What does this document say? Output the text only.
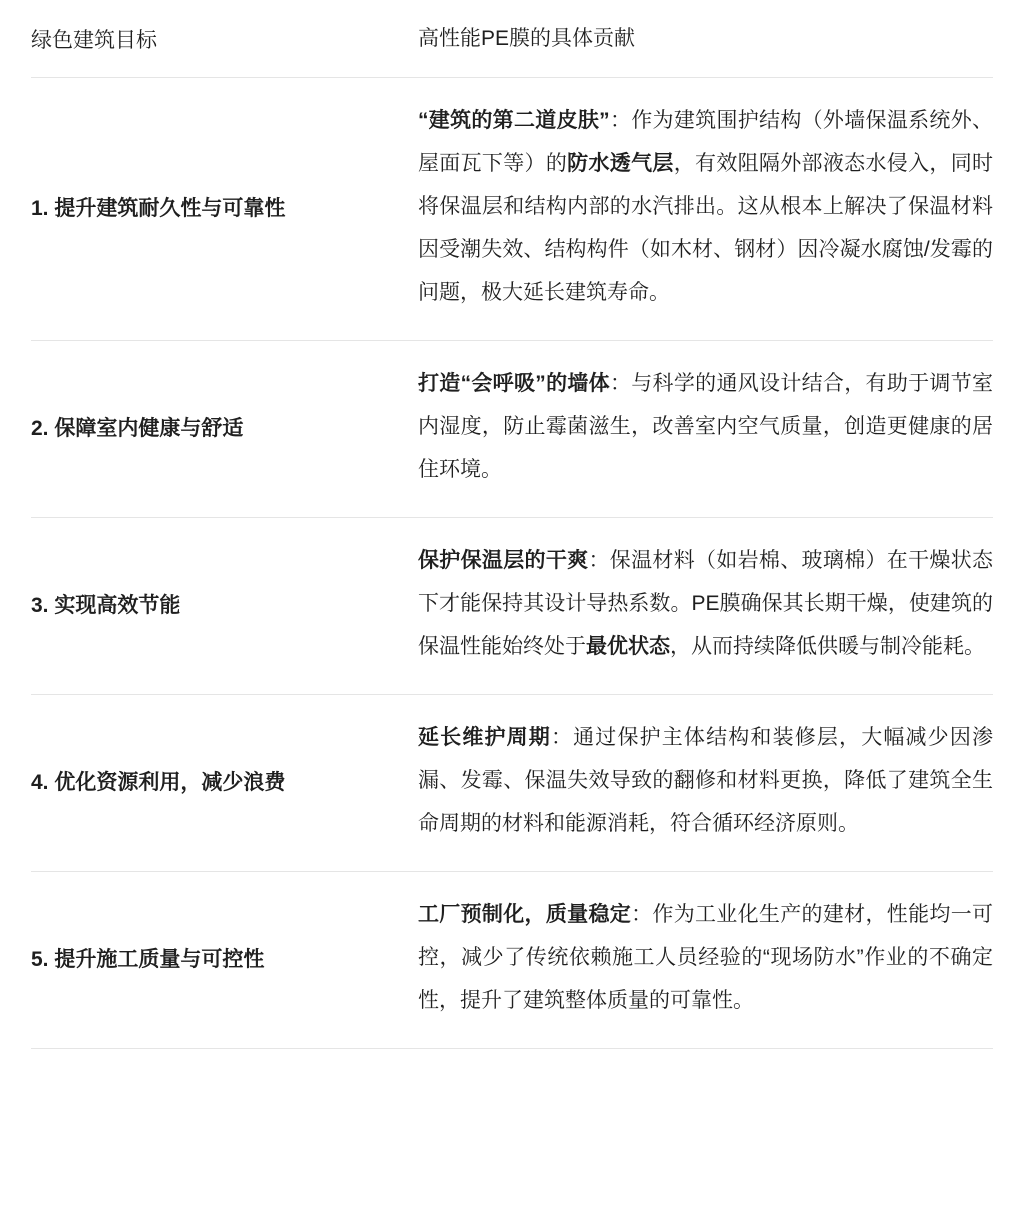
绿色建筑目标	高性能PE膜的具体贡献
1. 提升建筑耐久性与可靠性
“建筑的第二道皮肤”：作为建筑围护结构（外墙保温系统外、屋面瓦下等）的防水透气层，有效阻隔外部液态水侵入，同时将保温层和结构内部的水汽排出。这从根本上解决了保温材料因受潮失效、结构构件（如木材、钢材）因冷凝水腐蚀/发霉的问题，极大延长建筑寿命。
2. 保障室内健康与舒适
打造“会呼吸”的墙体：与科学的通风设计结合，有助于调节室内湿度，防止霉菌滋生，改善室内空气质量，创造更健康的居住环境。
3. 实现高效节能
保护保温层的干爽：保温材料（如岩棉、玻璃棉）在干燥状态下才能保持其设计导热系数。PE膜确保其长期干燥，使建筑的保温性能始终处于最优状态，从而持续降低供暖与制冷能耗。
4. 优化资源利用，减少浪费
延长维护周期：通过保护主体结构和装修层，大幅减少因渗漏、发霉、保温失效导致的翻修和材料更换，降低了建筑全生命周期的材料和能源消耗，符合循环经济原则。
5. 提升施工质量与可控性
工厂预制化，质量稳定：作为工业化生产的建材，性能均一可控，减少了传统依赖施工人员经验的“现场防水”作业的不确定性，提升了建筑整体质量的可靠性。
